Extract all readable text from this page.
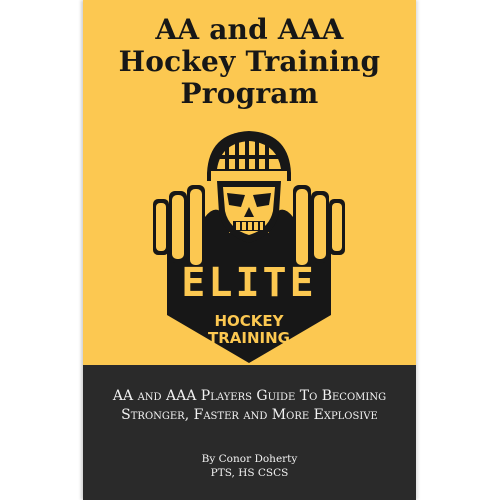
AA and AAA
Hockey Training
Program
ELITE
HOCKEY
TRAINING
AA and AAA Players Guide To Becoming
Stronger, Faster and More Explosive
By Conor Doherty
PTS, HS CSCS
